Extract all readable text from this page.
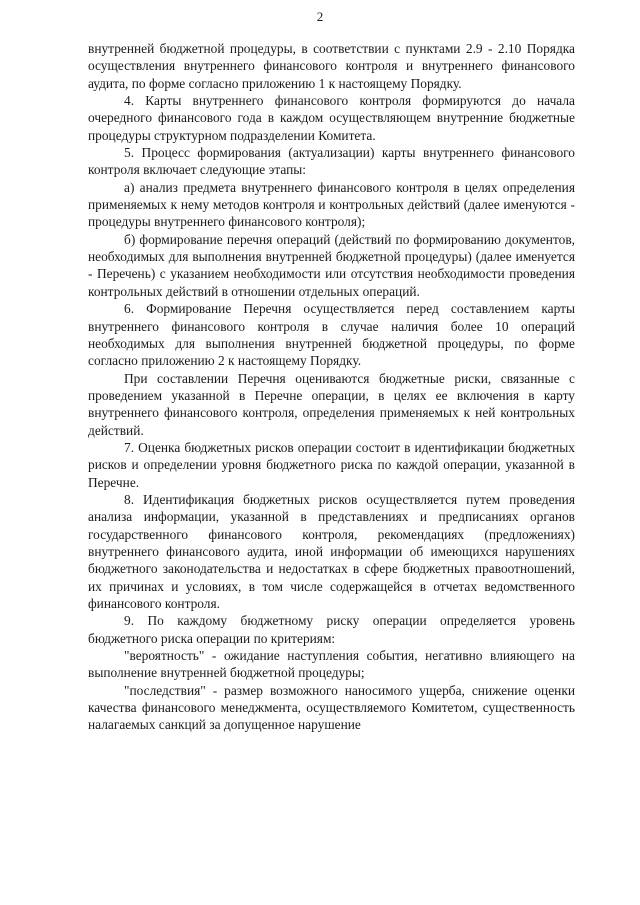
2

внутренней бюджетной процедуры, в соответствии с пунктами 2.9 - 2.10 Порядка осуществления внутреннего финансового контроля и внутреннего финансового аудита, по форме согласно приложению 1 к настоящему Порядку.

4. Карты внутреннего финансового контроля формируются до начала очередного финансового года в каждом осуществляющем внутренние бюджетные процедуры структурном подразделении Комитета.

5. Процесс формирования (актуализации) карты внутреннего финансового контроля включает следующие этапы:

а) анализ предмета внутреннего финансового контроля в целях определения применяемых к нему методов контроля и контрольных действий (далее именуются - процедуры внутреннего финансового контроля);

б) формирование перечня операций (действий по формированию документов, необходимых для выполнения внутренней бюджетной процедуры) (далее именуется - Перечень) с указанием необходимости или отсутствия необходимости проведения контрольных действий в отношении отдельных операций.

6. Формирование Перечня осуществляется перед составлением карты внутреннего финансового контроля в случае наличия более 10 операций необходимых для выполнения внутренней бюджетной процедуры, по форме согласно приложению 2 к настоящему Порядку.

При составлении Перечня оцениваются бюджетные риски, связанные с проведением указанной в Перечне операции, в целях ее включения в карту внутреннего финансового контроля, определения применяемых к ней контрольных действий.

7. Оценка бюджетных рисков операции состоит в идентификации бюджетных рисков и определении уровня бюджетного риска по каждой операции, указанной в Перечне.

8. Идентификация бюджетных рисков осуществляется путем проведения анализа информации, указанной в представлениях и предписаниях органов государственного финансового контроля, рекомендациях (предложениях) внутреннего финансового аудита, иной информации об имеющихся нарушениях бюджетного законодательства и недостатках в сфере бюджетных правоотношений, их причинах и условиях, в том числе содержащейся в отчетах ведомственного финансового контроля.

9. По каждому бюджетному риску операции определяется уровень бюджетного риска операции по критериям:

"вероятность" - ожидание наступления события, негативно влияющего на выполнение внутренней бюджетной процедуры;

"последствия" - размер возможного наносимого ущерба, снижение оценки качества финансового менеджмента, осуществляемого Комитетом, существенность налагаемых санкций за допущенное нарушение
